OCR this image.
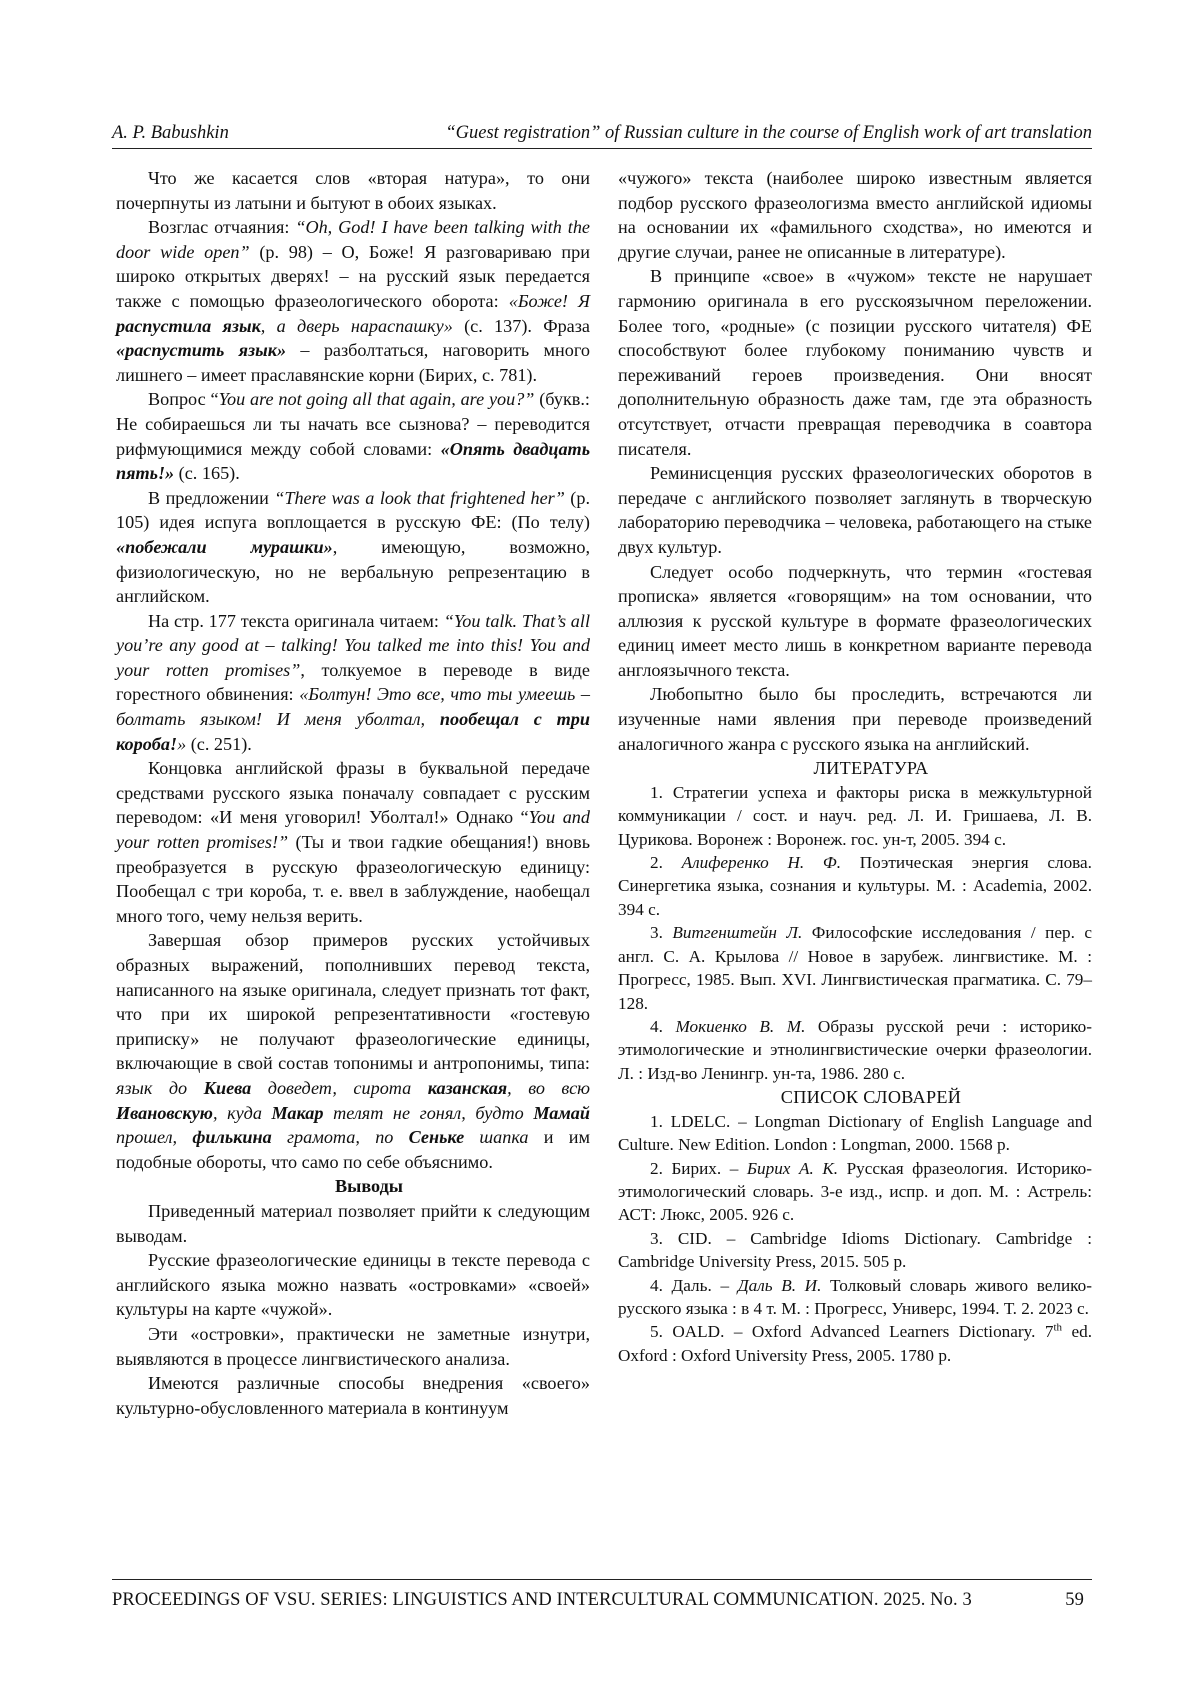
A. P. Babushkin	“Guest registration” of Russian culture in the course of English work of art translation

Что же касается слов «вторая натура», то они почерпнуты из латыни и бытуют в обоих языках.

Возглас отчаяния: “Oh, God! I have been talking with the door wide open” (p. 98) – О, Боже! Я разговариваю при широко открытых дверях! – на русский язык передается также с помощью фразеологического оборота: «Боже! Я распустила язык, а дверь нараспашку» (с. 137). Фраза «распустить язык» – разболтаться, наговорить много лишнего – имеет праславянские корни (Бирих, с. 781).

Вопрос “You are not going all that again, are you?” (букв.: Не собираешься ли ты начать все сызнова? – переводится рифмующимися между собой словами: «Опять двадцать пять!» (с. 165).

В предложении “There was a look that frightened her” (p. 105) идея испуга воплощается в русскую ФЕ: (По телу) «побежали мурашки», имеющую, возможно, физиологическую, но не вербальную репрезентацию в английском.

На стр. 177 текста оригинала читаем: “You talk. That’s all you’re any good at – talking! You talked me into this! You and your rotten promises”, толкуемое в переводе в виде горестного обвинения: «Болтун! Это все, что ты умеешь – болтать языком! И меня уболтал, пообещал с три короба!» (с. 251).

Концовка английской фразы в буквальной передаче средствами русского языка поначалу совпадает с русским переводом: «И меня уговорил! Уболтал!» Однако “You and your rotten promises!” (Ты и твои гадкие обещания!) вновь преобразуется в русскую фразеологическую единицу: Пообещал с три короба, т. е. ввел в заблуждение, наобещал много того, чему нельзя верить.

Завершая обзор примеров русских устойчивых образных выражений, пополнивших перевод текста, написанного на языке оригинала, следует признать тот факт, что при их широкой репрезентативности «гостевую приписку» не получают фразеологические единицы, включающие в свой состав топонимы и антропонимы, типа: язык до Киева доведет, сирота казанская, во всю Ивановскую, куда Макар телят не гонял, будто Мамай прошел, филькина грамота, по Сеньке шапка и им подобные обороты, что само по себе объяснимо.

Выводы

Приведенный материал позволяет прийти к следующим выводам.

Русские фразеологические единицы в тексте перевода с английского языка можно назвать «островками» «своей» культуры на карте «чужой».

Эти «островки», практически не заметные изнутри, выявляются в процессе лингвистического анализа.

Имеются различные способы внедрения «своего» культурно-обусловленного материала в континуум

«чужого» текста (наиболее широко известным является подбор русского фразеологизма вместо английской идиомы на основании их «фамильного сходства», но имеются и другие случаи, ранее не описанные в литературе).

В принципе «свое» в «чужом» тексте не нарушает гармонию оригинала в его русскоязычном переложении. Более того, «родные» (с позиции русского читателя) ФЕ способствуют более глубокому пониманию чувств и переживаний героев произведения. Они вносят дополнительную образность даже там, где эта образность отсутствует, отчасти превращая переводчика в соавтора писателя.

Реминисценция русских фразеологических оборотов в передаче с английского позволяет заглянуть в творческую лабораторию переводчика – человека, работающего на стыке двух культур.

Следует особо подчеркнуть, что термин «гостевая прописка» является «говорящим» на том основании, что аллюзия к русской культуре в формате фразеологических единиц имеет место лишь в конкретном варианте перевода англоязычного текста.

Любопытно было бы проследить, встречаются ли изученные нами явления при переводе произведений аналогичного жанра с русского языка на английский.

ЛИТЕРАТУРА

1. Стратегии успеха и факторы риска в межкультурной коммуникации / сост. и науч. ред. Л. И. Гришаева, Л. В. Цурикова. Воронеж : Воронеж. гос. ун-т, 2005. 394 с.

2. Алиференко Н. Ф. Поэтическая энергия слова. Синергетика языка, сознания и культуры. М. : Academia, 2002. 394 с.

3. Витгенштейн Л. Философские исследования / пер. с англ. С. А. Крылова // Новое в зарубеж. лингвистике. М. : Прогресс, 1985. Вып. XVI. Лингвистическая прагматика. С. 79–128.

4. Мокиенко В. М. Образы русской речи : историко-этимологические и этнолингвистические очерки фразеологии. Л. : Изд-во Ленингр. ун-та, 1986. 280 с.

СПИСОК СЛОВАРЕЙ

1. LDELC. – Longman Dictionary of English Language and Culture. New Edition. London : Longman, 2000. 1568 p.

2. Бирих. – Бирих А. К. Русская фразеология. Историко-этимологический словарь. 3-е изд., испр. и доп. М. : Астрель: АСТ: Люкс, 2005. 926 с.

3. CID. – Cambridge Idioms Dictionary. Cambridge : Cambridge University Press, 2015. 505 p.

4. Даль. – Даль В. И. Толковый словарь живого велико-русского языка : в 4 т. М. : Прогресс, Универс, 1994. Т. 2. 2023 с.

5. OALD. – Oxford Advanced Learners Dictionary. 7th ed. Oxford : Oxford University Press, 2005. 1780 p.

PROCEEDINGS OF VSU. SERIES: LINGUISTICS AND INTERCULTURAL COMMUNICATION. 2025. No. 3	59
